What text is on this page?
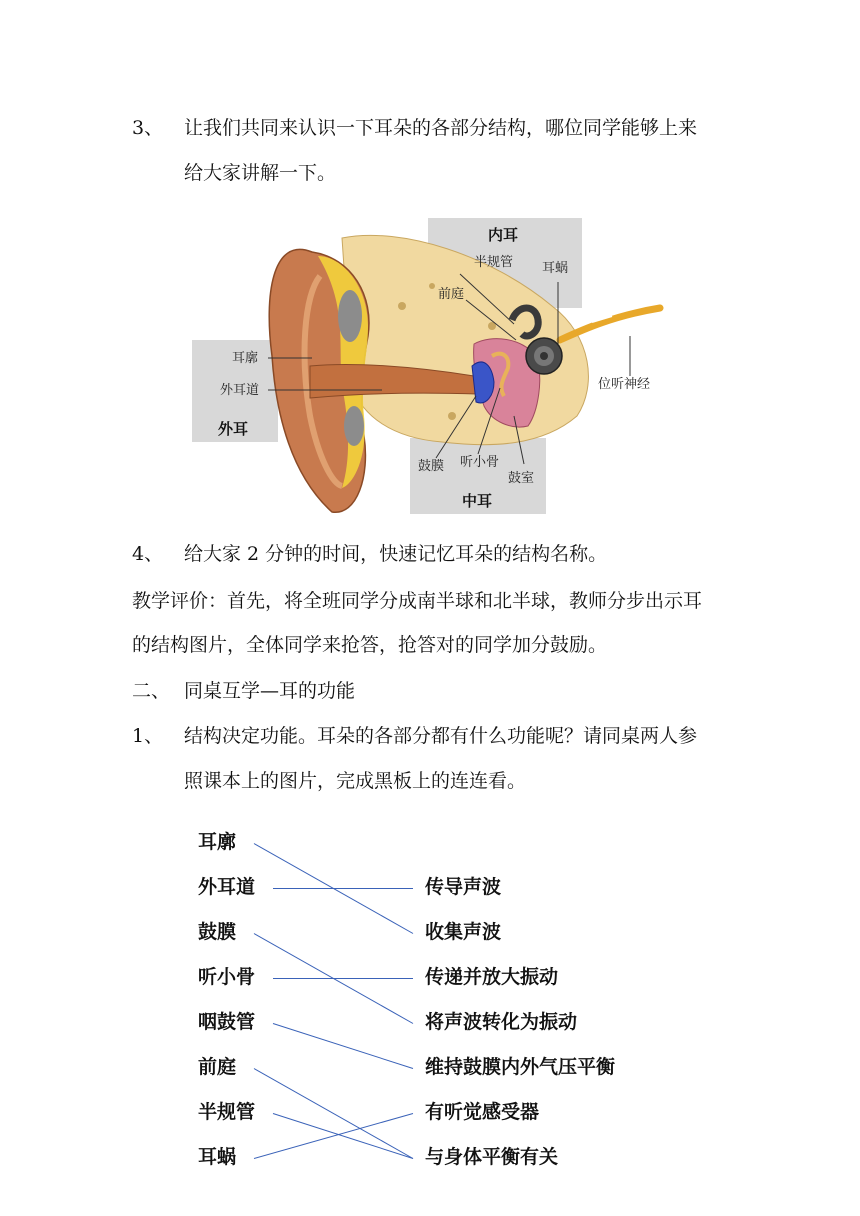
3、 让我们共同来认识一下耳朵的各部分结构，哪位同学能够上来
给大家讲解一下。
内耳
外耳
中耳
半规管 耳蜗
前庭
耳廓
外耳道	位听神经
鼓膜 听小骨
鼓室
4、 给大家 2 分钟的时间，快速记忆耳朵的结构名称。
教学评价：首先，将全班同学分成南半球和北半球，教师分步出示耳
的结构图片，全体同学来抢答，抢答对的同学加分鼓励。
二、 同桌互学—耳的功能
1、 结构决定功能。耳朵的各部分都有什么功能呢？请同桌两人参
照课本上的图片，完成黑板上的连连看。
耳廓
外耳道
鼓膜
听小骨
咽鼓管
前庭
半规管
耳蜗
传导声波
收集声波
传递并放大振动
将声波转化为振动
维持鼓膜内外气压平衡
有听觉感受器
与身体平衡有关
